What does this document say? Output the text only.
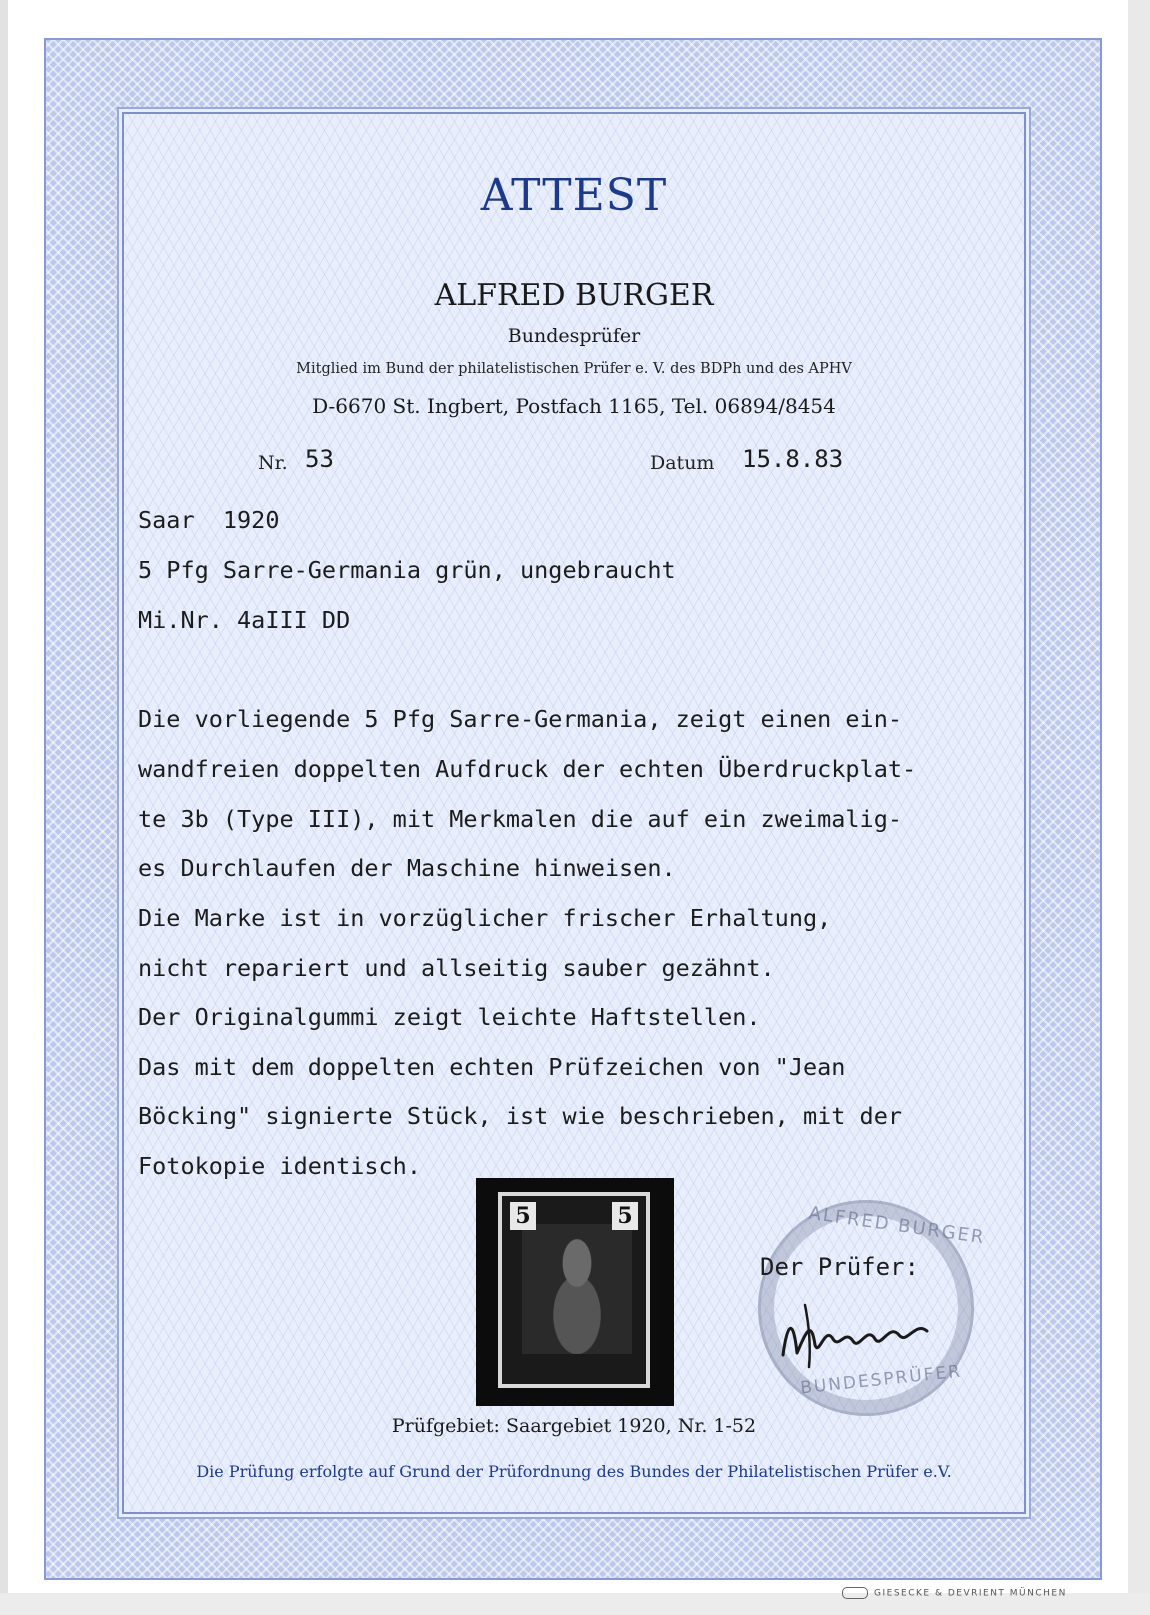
ATTEST
ALFRED BURGER
Bundesprüfer
Mitglied im Bund der philatelistischen Prüfer e. V. des BDPh und des APHV
D-6670 St. Ingbert, Postfach 1165, Tel. 06894/8454
Nr. 53	Datum 15.8.83
Saar  1920
5 Pfg Sarre-Germania grün, ungebraucht
Mi.Nr. 4aIII DD
Die vorliegende 5 Pfg Sarre-Germania, zeigt einen ein-
wandfreien doppelten Aufdruck der echten Überdruckplat-
te 3b (Type III), mit Merkmalen die auf ein zweimalig-
es Durchlaufen der Maschine hinweisen.
Die Marke ist in vorzüglicher frischer Erhaltung,
nicht repariert und allseitig sauber gezähnt.
Der Originalgummi zeigt leichte Haftstellen.
Das mit dem doppelten echten Prüfzeichen von "Jean
Böcking" signierte Stück, ist wie beschrieben, mit der
Fotokopie identisch.
5	5	ALFRED BURGER
BUNDESPRÜFER
Der Prüfer:
Prüfgebiet: Saargebiet 1920, Nr. 1-52
Die Prüfung erfolgte auf Grund der Prüfordnung des Bundes der Philatelistischen Prüfer e.V.
GIESECKE & DEVRIENT MÜNCHEN
